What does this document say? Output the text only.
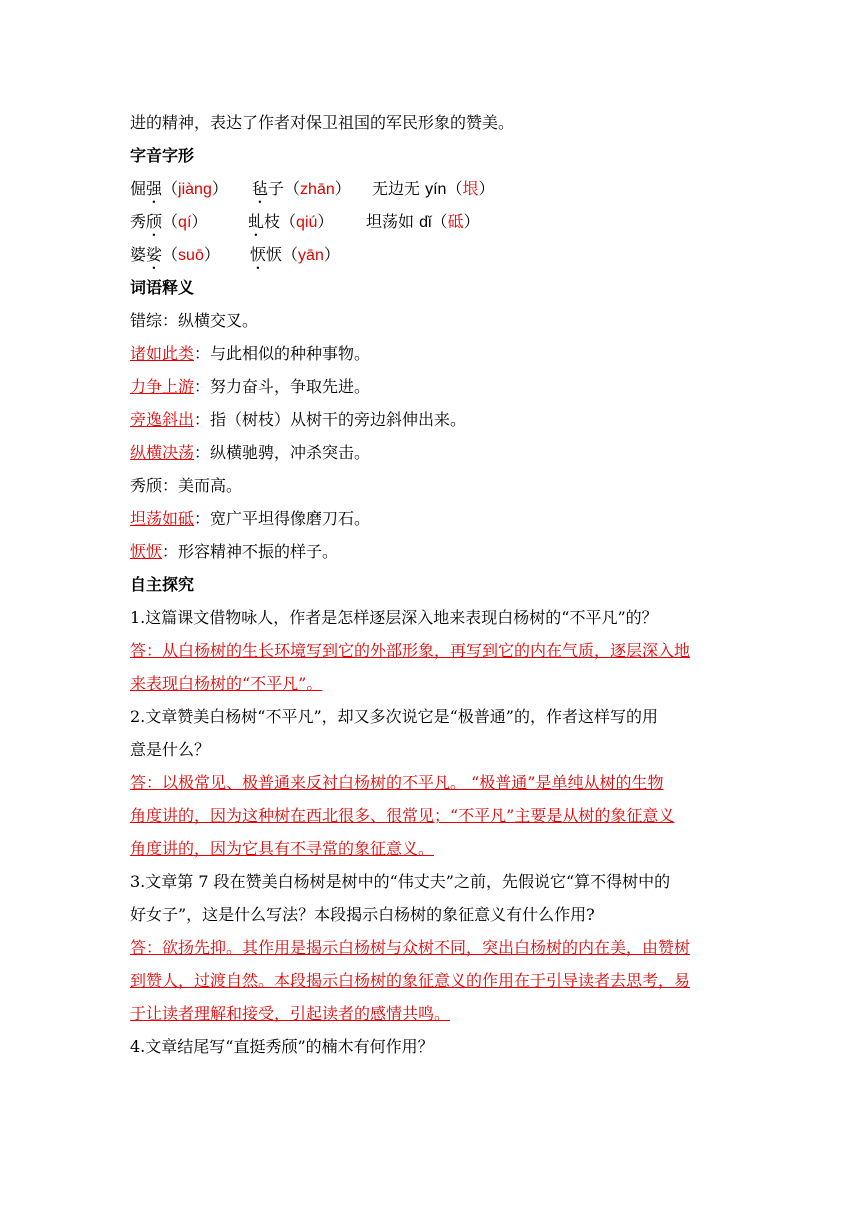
进的精神，表达了作者对保卫祖国的军民形象的赞美。
字音字形
倔强（jiàng） 毡子（zhān） 无边无 yín（垠）
秀颀（qí）	虬枝（qiú） 坦荡如 dǐ（砥）
婆娑（suō） 恹恹（yān）
词语释义
错综：纵横交叉。
诸如此类：与此相似的种种事物。
力争上游：努力奋斗，争取先进。
旁逸斜出：指（树枝）从树干的旁边斜伸出来。
纵横决荡：纵横驰骋，冲杀突击。
秀颀：美而高。
坦荡如砥：宽广平坦得像磨刀石。
恹恹：形容精神不振的样子。
自主探究
1.这篇课文借物咏人，作者是怎样逐层深入地来表现白杨树的“不平凡”的？
答：从白杨树的生长环境写到它的外部形象，再写到它的内在气质，逐层深入地
来表现白杨树的“不平凡”。
2.文章赞美白杨树“不平凡”，却又多次说它是“极普通”的，作者这样写的用
意是什么？
答：以极常见、极普通来反衬白杨树的不平凡。 “极普通”是单纯从树的生物
角度讲的，因为这种树在西北很多、很常见；“不平凡”主要是从树的象征意义
角度讲的，因为它具有不寻常的象征意义。
3.文章第 7 段在赞美白杨树是树中的“伟丈夫”之前，先假说它“算不得树中的
好女子”，这是什么写法？本段揭示白杨树的象征意义有什么作用?
答：欲扬先抑。其作用是揭示白杨树与众树不同，突出白杨树的内在美，由赞树
到赞人，过渡自然。本段揭示白杨树的象征意义的作用在于引导读者去思考，易
于让读者理解和接受，引起读者的感情共鸣。
4.文章结尾写“直挺秀颀”的楠木有何作用？
